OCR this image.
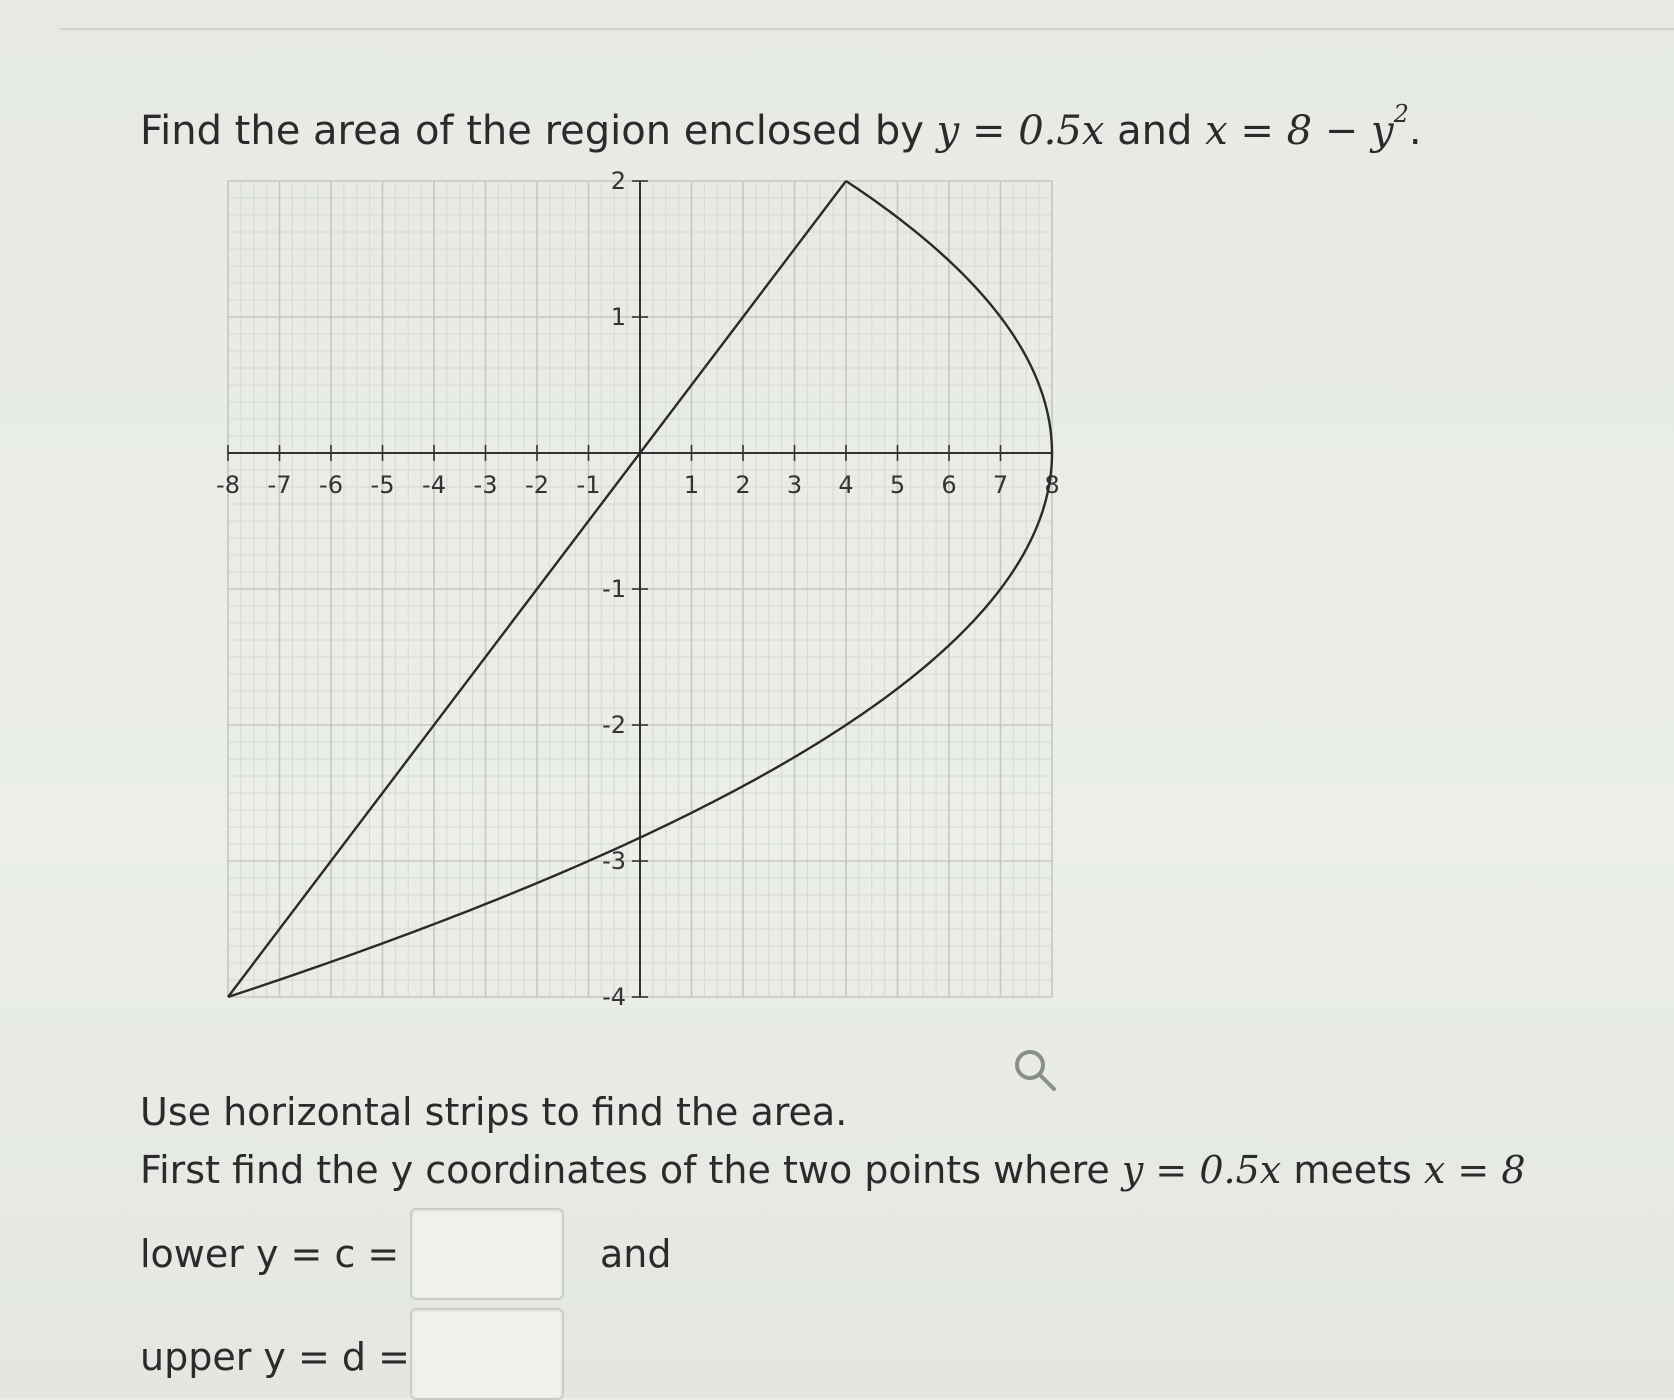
Find the area of the region enclosed by y = 0.5x and $x = 8 - y^2$.
-8 -7 -6 -5 -4 -3 -2 -1	1 2 3 4 5 6 7 8
2
1
-1
-2
-3
-4
Use horizontal strips to find the area.
First find the y coordinates of the two points where y = 0.5x meets x = 8
lower y = c =	and
upper y = d =
